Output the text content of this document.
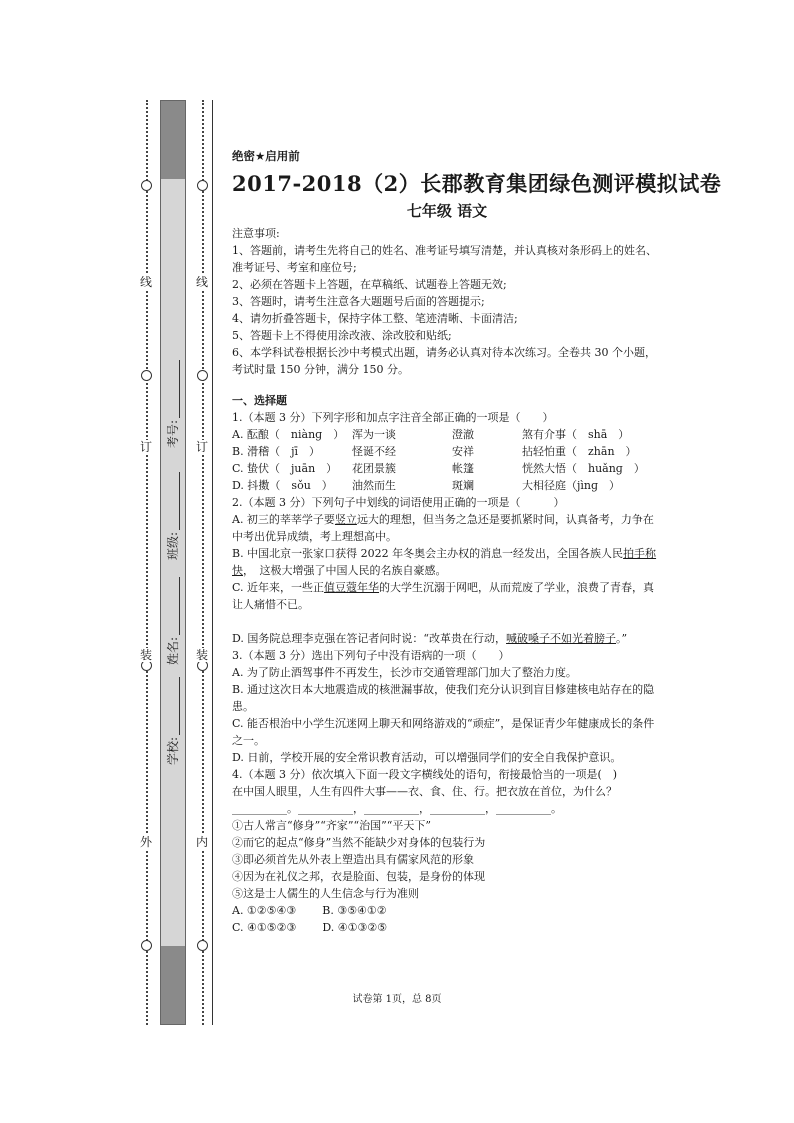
线
订
装
外
线
订
装
内
学校:
姓名:
班级:
考号:
绝密★启用前
2017-2018（2）长郡教育集团绿色测评模拟试卷
七年级 语文

注意事项:

1、答题前，请考生先将自己的姓名、准考证号填写清楚，并认真核对条形码上的姓名、准考证号、考室和座位号;

2、必须在答题卡上答题，在草稿纸、试题卷上答题无效;

3、答题时，请考生注意各大题题号后面的答题提示;

4、请勿折叠答题卡，保持字体工整、笔迹清晰、卡面清洁;

5、答题卡上不得使用涂改液、涂改胶和贴纸;

6、本学科试卷根据长沙中考模式出题，请务必认真对待本次练习。全卷共 30 个小题，考试时量 150 分钟，满分 150 分。

一、选择题

1.（本题 3 分）下列字形和加点字注音全部正确的一项是（　　）

A. 酝酿（　niànɡ　） 浑为一谈	澄澈	煞有介事（　shā　）
B. 滑稽（　jī　）	怪诞不经	安祥	拈轻怕重（　zhān　）
C. 蛰伏（　juān　）	花团景簇	帐篷	恍然大悟（　huǎnɡ　）
D. 抖擞（　sǒu　）	油然而生	斑斓	大相径庭（jìnɡ　）

2.（本题 3 分）下列句子中划线的词语使用正确的一项是（　　　）

A. 初三的莘莘学子要竖立远大的理想，但当务之急还是要抓紧时间，认真备考，力争在中考出优异成绩，考上理想高中。

B. 中国北京一张家口获得 2022 年冬奥会主办权的消息一经发出，全国各族人民拍手称快，　这极大增强了中国人民的名族自豪感。

C. 近年来，一些正值豆蔻年华的大学生沉溺于网吧，从而荒废了学业，浪费了青春，真让人痛惜不已。

D. 国务院总理李克强在答记者问时说：“改革贵在行动，喊破嗓子不如光着膀子。”

3.（本题 3 分）选出下列句子中没有语病的一项（　　）

A. 为了防止酒驾事件不再发生，长沙市交通管理部门加大了整治力度。

B. 通过这次日本大地震造成的核泄漏事故，使我们充分认识到盲目修建核电站存在的隐患。

C. 能否根治中小学生沉迷网上聊天和网络游戏的“顽症”，是保证青少年健康成长的条件之一。

D. 日前，学校开展的安全常识教育活动，可以增强同学们的安全自我保护意识。

4.（本题 3 分）依次填入下面一段文字横线处的语句，衔接最恰当的一项是(　)

在中国人眼里，人生有四件大事——衣、食、住、行。把衣放在首位，为什么？

__________。__________，__________，__________，__________。

①古人常言“修身”“齐家”“治国”“平天下”

②而它的起点“修身”当然不能缺少对身体的包装行为

③即必须首先从外表上塑造出具有儒家风范的形象

④因为在礼仪之邦，衣是脸面、包装，是身份的体现

⑤这是士人儒生的人生信念与行为准则

A. ①②⑤④③ B. ③⑤④①②
C. ④①⑤②③ D. ④①③②⑤
试卷第 1页，总 8页
